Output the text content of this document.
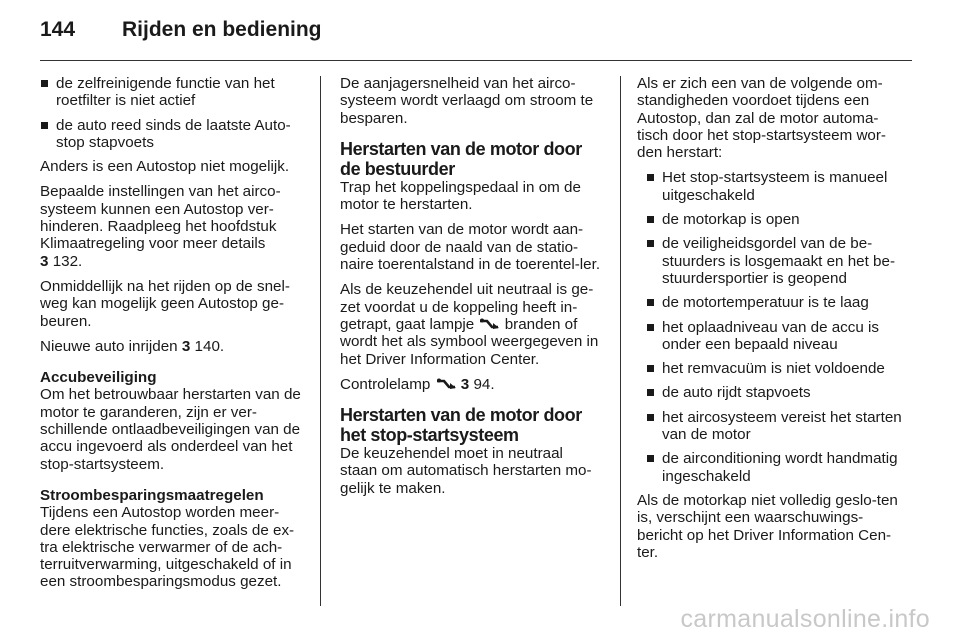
144 Rijden en bediening
de zelfreinigende functie van het roetfilter is niet actief
de auto reed sinds de laatste Auto-stop stapvoets

Anders is een Autostop niet mogelijk.

Bepaalde instellingen van het airco-systeem kunnen een Autostop ver-hinderen. Raadpleeg het hoofdstuk Klimaatregeling voor meer details
3 132.

Onmiddellijk na het rijden op de snel-weg kan mogelijk geen Autostop ge-beuren.

Nieuwe auto inrijden 3 140.

Accubeveiliging

Om het betrouwbaar herstarten van de motor te garanderen, zijn er ver-schillende ontlaadbeveiligingen van de accu ingevoerd als onderdeel van het stop-startsysteem.

Stroombesparingsmaatregelen

Tijdens een Autostop worden meer-dere elektrische functies, zoals de ex-tra elektrische verwarmer of de ach-terruitverwarming, uitgeschakeld of in een stroombesparingsmodus gezet.

De aanjagersnelheid van het airco-systeem wordt verlaagd om stroom te besparen.

Herstarten van de motor door de bestuurder

Trap het koppelingspedaal in om de motor te herstarten.

Het starten van de motor wordt aan-geduid door de naald van de statio-naire toerentalstand in de toerentel-ler.

Als de keuzehendel uit neutraal is ge-zet voordat u de koppeling heeft in-getrapt, gaat lampje branden of wordt het als symbool weergegeven in het Driver Information Center.

Controlelamp 3 94.

Herstarten van de motor door het stop-startsysteem

De keuzehendel moet in neutraal staan om automatisch herstarten mo-gelijk te maken.

Als er zich een van de volgende om-standigheden voordoet tijdens een Autostop, dan zal de motor automa-tisch door het stop-startsysteem wor-den herstart:

Het stop-startsysteem is manueel uitgeschakeld
de motorkap is open
de veiligheidsgordel van de be-stuurders is losgemaakt en het be-stuurdersportier is geopend
de motortemperatuur is te laag
het oplaadniveau van de accu is onder een bepaald niveau
het remvacuüm is niet voldoende
de auto rijdt stapvoets
het aircosysteem vereist het starten van de motor
de airconditioning wordt handmatig ingeschakeld

Als de motorkap niet volledig geslo-ten is, verschijnt een waarschuwings-bericht op het Driver Information Cen-ter.

carmanualsonline.info
